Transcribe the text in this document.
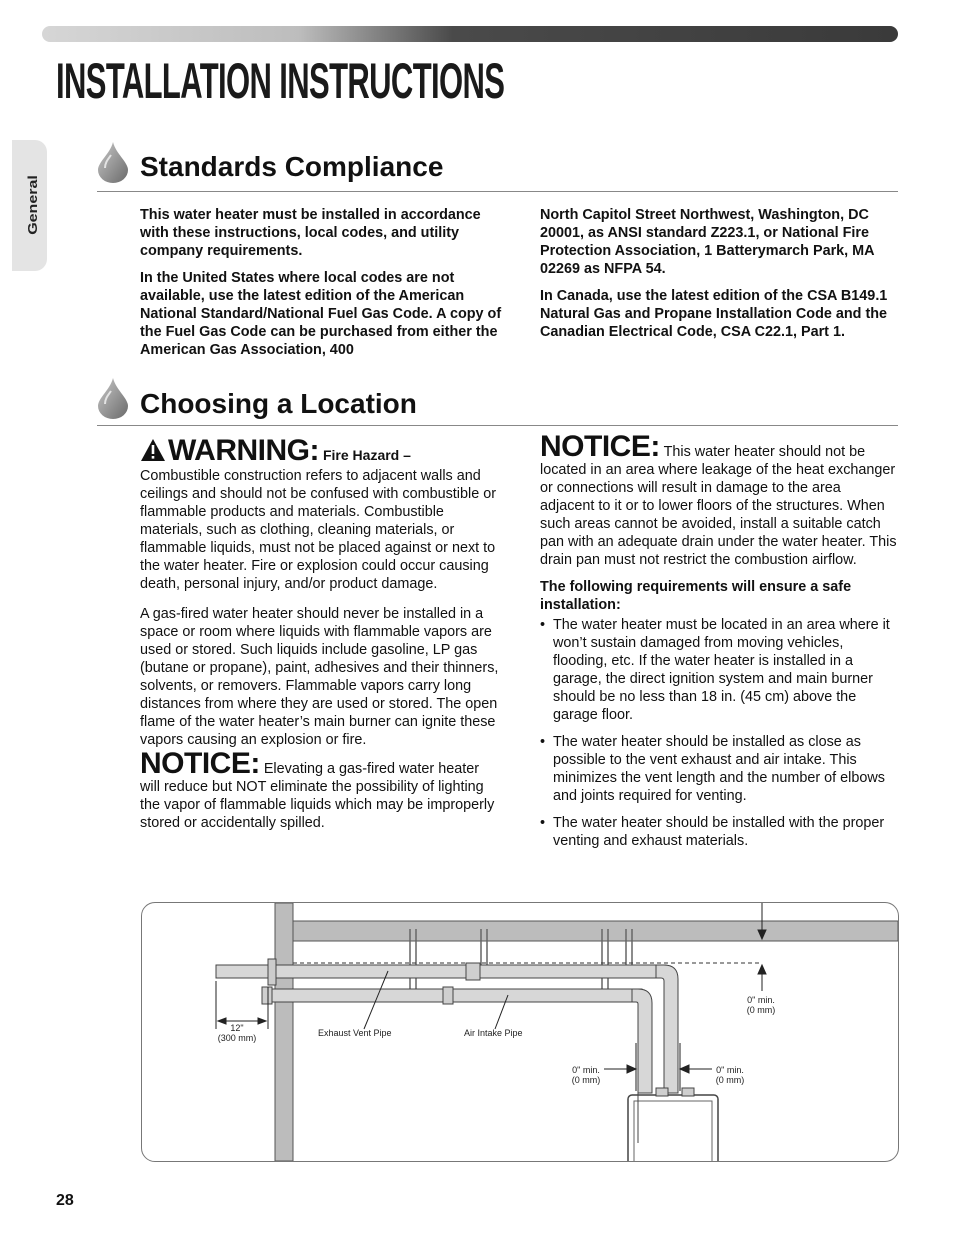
INSTALLATION INSTRUCTIONS
General
Standards Compliance

This water heater must be installed in accordance with these instructions, local codes, and utility company requirements.

In the United States where local codes are not available, use the latest edition of the American National Standard/National Fuel Gas Code. A copy of the Fuel Gas Code can be purchased from either the American Gas Association, 400

North Capitol Street Northwest, Washington, DC 20001, as ANSI standard Z223.1, or National Fire Protection Association, 1 Batterymarch Park, MA 02269 as NFPA 54.

In Canada, use the latest edition of the CSA B149.1 Natural Gas and Propane Installation Code and the Canadian Electrical Code, CSA C22.1, Part 1.

Choosing a Location

WARNING: Fire Hazard –

Combustible construction refers to adjacent walls and ceilings and should not be confused with combustible or flammable products and materials. Combustible materials, such as clothing, cleaning materials, or flammable liquids, must not be placed against or next to the water heater. Fire or explosion could occur causing death, personal injury, and/or product damage.

A gas-fired water heater should never be installed in a space or room where liquids with flammable vapors are used or stored. Such liquids include gasoline, LP gas (butane or propane), paint, adhesives and their thinners, solvents, or removers. Flammable vapors carry long distances from where they are used or stored. The open flame of the water heater’s main burner can ignite these vapors causing an explosion or fire.

NOTICE: Elevating a gas-fired water heater will reduce but NOT eliminate the possibility of lighting the vapor of flammable liquids which may be improperly stored or accidentally spilled.

NOTICE: This water heater should not be located in an area where leakage of the heat exchanger or connections will result in damage to the area adjacent to it or to lower floors of the structures. When such areas cannot be avoided, install a suitable catch pan with an adequate drain under the water heater. This drain pan must not restrict the combustion airflow.

The following requirements will ensure a safe installation:

• The water heater must be located in an area where it won’t sustain damaged from moving vehicles, flooding, etc. If the water heater is installed in a garage, the direct ignition system and main burner should be no less than 18 in. (45 cm) above the garage floor.
• The water heater should be installed as close as possible to the vent exhaust and air intake. This minimizes the vent length and the number of elbows and joints required for venting.
• The water heater should be installed with the proper venting and exhaust materials.
12"
(300 mm)	Exhaust Vent Pipe	Air Intake Pipe
0" min.
(0 mm)
0" min.
(0 mm)
0" min.
(0 mm)
28
